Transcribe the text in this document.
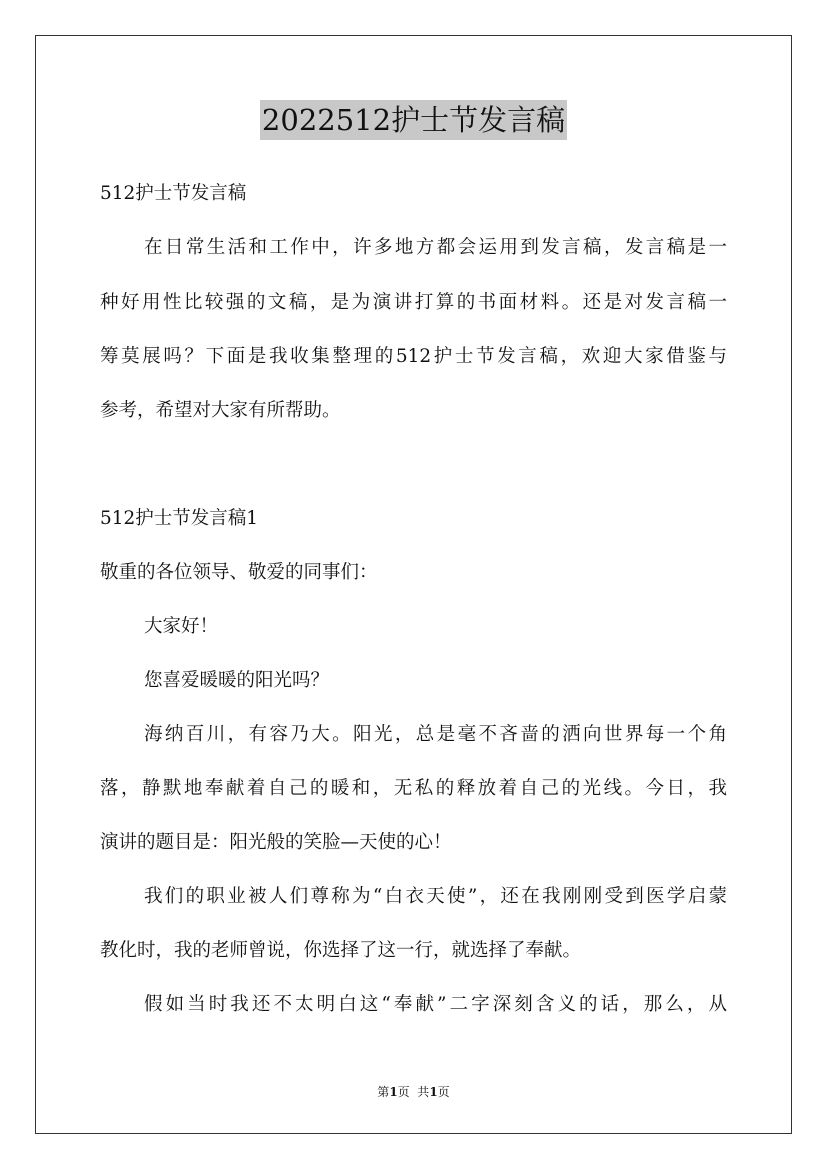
2022512护士节发言稿
512护士节发言稿
在日常生活和工作中，许多地方都会运用到发言稿，发言稿是一
种好用性比较强的文稿，是为演讲打算的书面材料。还是对发言稿一
筹莫展吗？下面是我收集整理的512护士节发言稿，欢迎大家借鉴与
参考，希望对大家有所帮助。
512护士节发言稿1
敬重的各位领导、敬爱的同事们：
大家好！
您喜爱暖暖的阳光吗？
海纳百川，有容乃大。阳光，总是毫不吝啬的洒向世界每一个角
落，静默地奉献着自己的暖和，无私的释放着自己的光线。今日，我
演讲的题目是：阳光般的笑脸—天使的心！
我们的职业被人们尊称为“白衣天使”，还在我刚刚受到医学启蒙
教化时，我的老师曾说，你选择了这一行，就选择了奉献。
假如当时我还不太明白这“奉献”二字深刻含义的话，那么，从
第1页  共1页
